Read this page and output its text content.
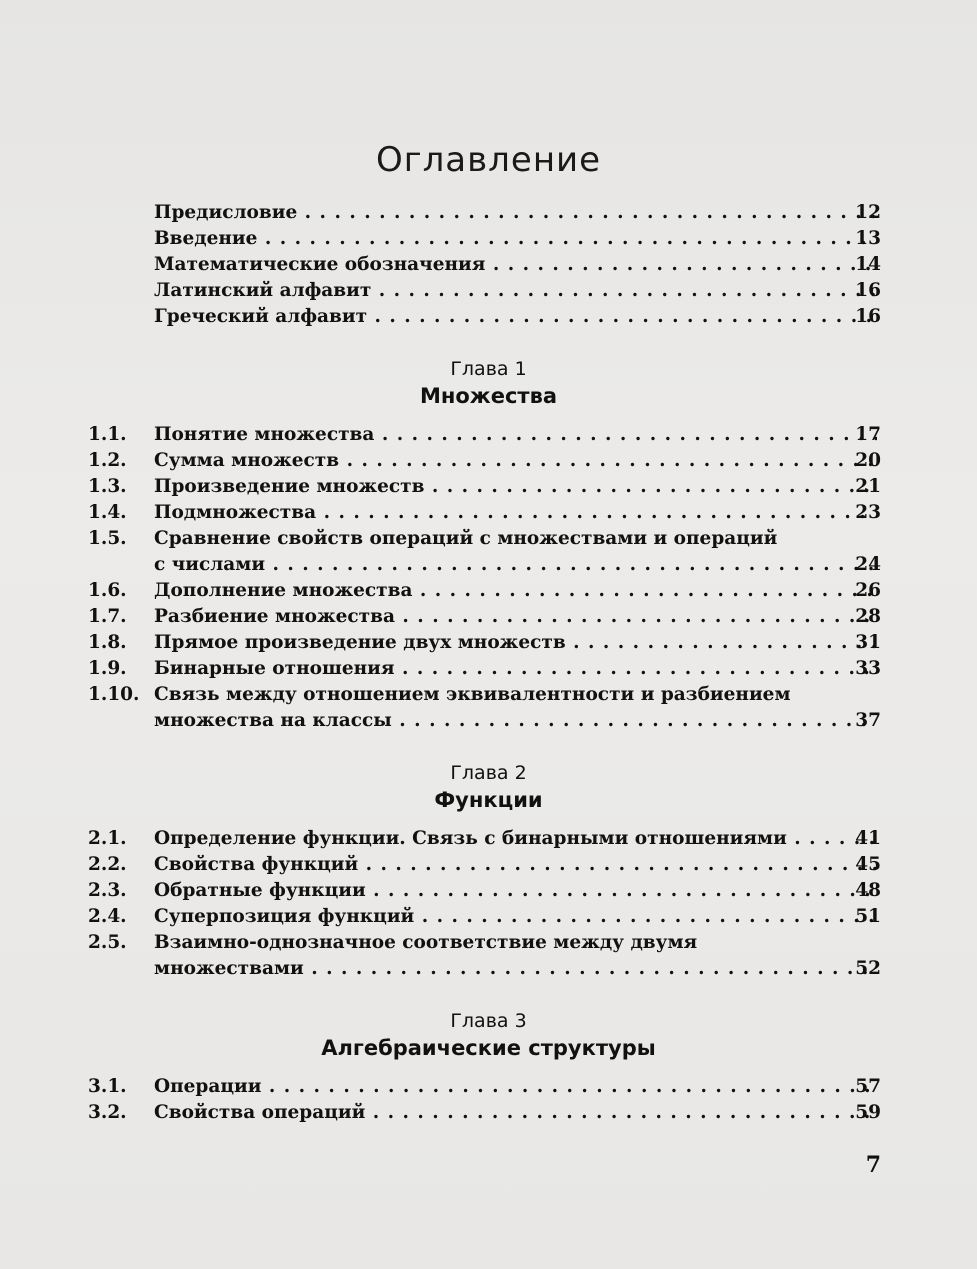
Оглавление
Предисловие . . .	12
Введение . . .	13
Математические обозначения . . .	14
Латинский алфавит . . .	16
Греческий алфавит . . .	16
Глава 1
Множества
1.1.	Понятие множества . . .	17
1.2.	Сумма множеств . . .	20
1.3.	Произведение множеств . . .	21
1.4.	Подмножества . . .	23
1.5.	Сравнение свойств операций с множествами и операций
с числами . . .	24
1.6.	Дополнение множества . . .	26
1.7.	Разбиение множества . . .	28
1.8.	Прямое произведение двух множеств . . .	31
1.9.	Бинарные отношения . . .	33
1.10. Связь между отношением эквивалентности и разбиением
множества на классы . . .	37
Глава 2
Функции
2.1.	Определение функции. Связь с бинарными отношениями . . .	41
2.2.	Свойства функций . . .	45
2.3.	Обратные функции . . .	48
2.4.	Суперпозиция функций . . .	51
2.5.	Взаимно-однозначное соответствие между двумя
множествами . . .	52
Глава 3
Алгебраические структуры
3.1.	Операции . . .	57
3.2.	Свойства операций . . .	59
7
